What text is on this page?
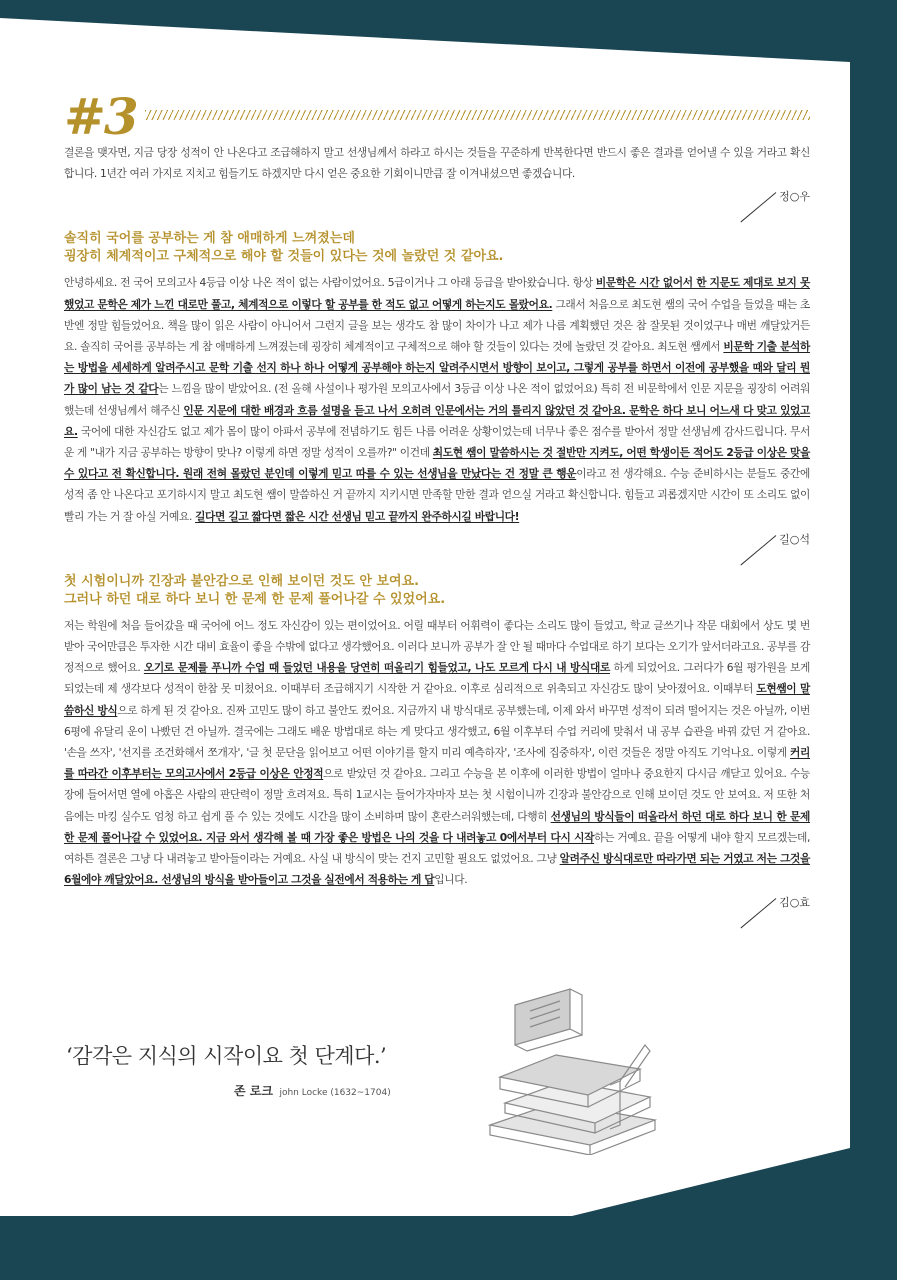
#3

결론을 맺자면, 지금 당장 성적이 안 나온다고 조급해하지 말고 선생님께서 하라고 하시는 것들을 꾸준하게 반복한다면 반드시 좋은 결과를 얻어낼 수 있을 거라고 확신합니다. 1년간 여러 가지로 지치고 힘들기도 하겠지만 다시 얻은 중요한 기회이니만큼 잘 이겨내셨으면 좋겠습니다.

정○우
솔직히 국어를 공부하는 게 참 애매하게 느껴졌는데
굉장히 체계적이고 구체적으로 해야 할 것들이 있다는 것에 놀랐던 것 같아요.

안녕하세요. 전 국어 모의고사 4등급 이상 나온 적이 없는 사람이었어요. 5급이거나 그 아래 등급을 받아왔습니다. 항상 비문학은 시간 없어서 한 지문도 제대로 보지 못했었고 문학은 제가 느낀 대로만 풀고, 체계적으로 이렇다 할 공부를 한 적도 없고 어떻게 하는지도 몰랐어요. 그래서 처음으로 최도현 쌤의 국어 수업을 들었을 때는 초반엔 정말 힘들었어요. 책을 많이 읽은 사람이 아니어서 그런지 글을 보는 생각도 참 많이 차이가 나고 제가 나름 계획했던 것은 참 잘못된 것이었구나 매번 깨달았거든요. 솔직히 국어를 공부하는 게 참 애매하게 느껴졌는데 굉장히 체계적이고 구체적으로 해야 할 것들이 있다는 것에 놀랐던 것 같아요. 최도현 쌤께서 비문학 기출 분석하는 방법을 세세하게 알려주시고 문학 기출 선지 하나 하나 어떻게 공부해야 하는지 알려주시면서 방향이 보이고, 그렇게 공부를 하면서 이전에 공부했을 때와 달리 뭔가 많이 남는 것 같다는 느낌을 많이 받았어요. (전 올해 사설이나 평가원 모의고사에서 3등급 이상 나온 적이 없었어요) 특히 전 비문학에서 인문 지문을 굉장히 어려워했는데 선생님께서 해주신 인문 지문에 대한 배경과 흐름 설명을 듣고 나서 오히려 인문에서는 거의 틀리지 않았던 것 같아요. 문학은 하다 보니 어느새 다 맞고 있었고요. 국어에 대한 자신감도 없고 제가 몸이 많이 아파서 공부에 전념하기도 힘든 나름 어려운 상황이었는데 너무나 좋은 점수를 받아서 정말 선생님께 감사드립니다. 무서운 게 "내가 지금 공부하는 방향이 맞나? 이렇게 하면 정말 성적이 오를까?" 이건데 최도현 쌤이 말씀하시는 것 절반만 지켜도, 어떤 학생이든 적어도 2등급 이상은 맞을 수 있다고 전 확신합니다. 원래 전혀 몰랐던 분인데 이렇게 믿고 따를 수 있는 선생님을 만났다는 건 정말 큰 행운이라고 전 생각해요. 수능 준비하시는 분들도 중간에 성적 좀 안 나온다고 포기하시지 말고 최도현 쌤이 말씀하신 거 끝까지 지키시면 만족할 만한 결과 얻으실 거라고 확신합니다. 힘들고 괴롭겠지만 시간이 또 소리도 없이 빨리 가는 거 잘 아실 거예요. 길다면 길고 짧다면 짧은 시간 선생님 믿고 끝까지 완주하시길 바랍니다!

길○석
첫 시험이니까 긴장과 불안감으로 인해 보이던 것도 안 보여요.
그러나 하던 대로 하다 보니 한 문제 한 문제 풀어나갈 수 있었어요.

저는 학원에 처음 들어갔을 때 국어에 어느 정도 자신감이 있는 편이었어요. 어릴 때부터 어휘력이 좋다는 소리도 많이 들었고, 학교 글쓰기나 작문 대회에서 상도 몇 번 받아 국어만큼은 투자한 시간 대비 효율이 좋을 수밖에 없다고 생각했어요. 이러다 보니까 공부가 잘 안 될 때마다 수업대로 하기 보다는 오기가 앞서더라고요. 공부를 감정적으로 했어요. 오기로 문제를 푸니까 수업 때 들었던 내용을 당연히 떠올리기 힘들었고, 나도 모르게 다시 내 방식대로 하게 되었어요. 그러다가 6월 평가원을 보게 되었는데 제 생각보다 성적이 한참 못 미쳤어요. 이때부터 조급해지기 시작한 거 같아요. 이후로 심리적으로 위축되고 자신감도 많이 낮아졌어요. 이때부터 도현쌤이 말씀하신 방식으로 하게 된 것 같아요. 진짜 고민도 많이 하고 불안도 컸어요. 지금까지 내 방식대로 공부했는데, 이제 와서 바꾸면 성적이 되려 떨어지는 것은 아닐까, 이번 6평에 유달리 운이 나빴던 건 아닐까. 결국에는 그래도 배운 방법대로 하는 게 맞다고 생각했고, 6월 이후부터 수업 커리에 맞춰서 내 공부 습관을 바꿔 갔던 거 같아요. '손을 쓰자', '선지를 조건화해서 쪼개자', '글 첫 문단을 읽어보고 어떤 이야기를 할지 미리 예측하자', '조사에 집중하자', 이런 것들은 정말 아직도 기억나요. 이렇게 커리를 따라간 이후부터는 모의고사에서 2등급 이상은 안정적으로 받았던 것 같아요. 그리고 수능을 본 이후에 이러한 방법이 얼마나 중요한지 다시금 깨닫고 있어요. 수능 장에 들어서면 열에 아홉은 사람의 판단력이 정말 흐려져요. 특히 1교시는 들어가자마자 보는 첫 시험이니까 긴장과 불안감으로 인해 보이던 것도 안 보여요. 저 또한 처음에는 마킹 실수도 엄청 하고 쉽게 풀 수 있는 것에도 시간을 많이 소비하며 많이 혼란스러워했는데, 다행히 선생님의 방식들이 떠올라서 하던 대로 하다 보니 한 문제 한 문제 풀어나갈 수 있었어요. 지금 와서 생각해 볼 때 가장 좋은 방법은 나의 것을 다 내려놓고 0에서부터 다시 시작하는 거예요. 끝을 어떻게 내야 할지 모르겠는데, 여하튼 결론은 그냥 다 내려놓고 받아들이라는 거예요. 사실 내 방식이 맞는 건지 고민할 필요도 없었어요. 그냥 알려주신 방식대로만 따라가면 되는 거였고 저는 그것을 6월에야 깨달았어요. 선생님의 방식을 받아들이고 그것을 실전에서 적용하는 게 답입니다.

김○효
‘감각은 지식의 시작이요 첫 단계다.’
존 로크 john Locke (1632~1704)
